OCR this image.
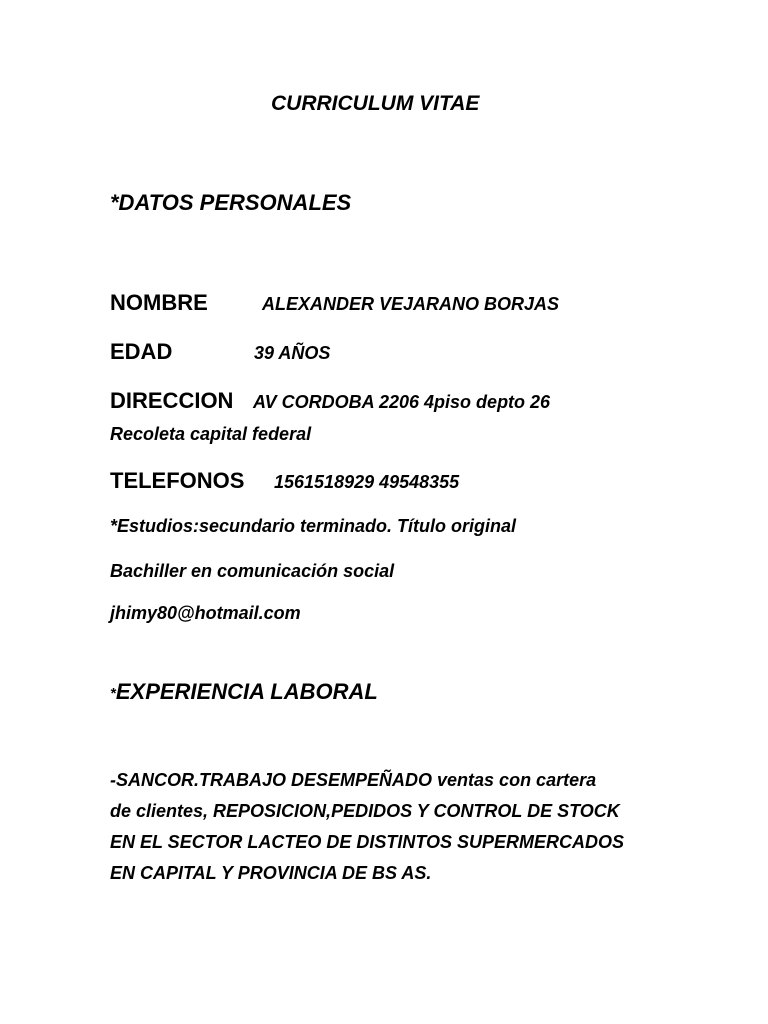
CURRICULUM VITAE
*DATOS PERSONALES
NOMBRE	ALEXANDER VEJARANO BORJAS
EDAD	39 AÑOS
DIRECCION AV CORDOBA 2206 4piso depto 26
Recoleta capital federal
TELEFONOS 1561518929 49548355
*Estudios:secundario terminado. Título original
Bachiller en comunicación social
jhimy80@hotmail.com
*EXPERIENCIA LABORAL
-SANCOR.TRABAJO DESEMPEÑADO ventas con cartera
de clientes, REPOSICION,PEDIDOS Y CONTROL DE STOCK
EN EL SECTOR LACTEO DE DISTINTOS SUPERMERCADOS
EN CAPITAL Y PROVINCIA DE BS AS.
